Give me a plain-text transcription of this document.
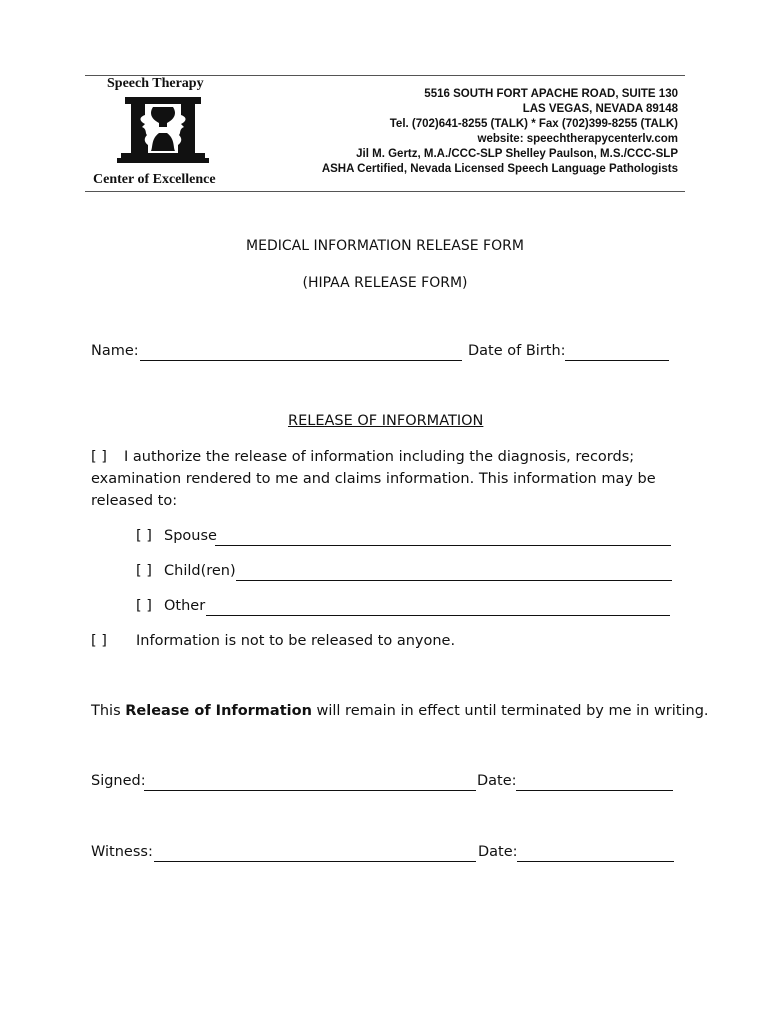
Speech Therapy
Center of Excellence
5516 SOUTH FORT APACHE ROAD, SUITE 130
LAS VEGAS, NEVADA 89148
Tel. (702)641-8255 (TALK) * Fax (702)399-8255 (TALK)
website: speechtherapycenterlv.com
Jil M. Gertz, M.A./CCC-SLP Shelley Paulson, M.S./CCC-SLP
ASHA Certified, Nevada Licensed Speech Language Pathologists
MEDICAL INFORMATION RELEASE FORM
(HIPAA RELEASE FORM)
Name:	Date of Birth:
RELEASE OF INFORMATION
[ ] I authorize the release of information including the diagnosis, records;
examination rendered to me and claims information. This information may be
released to:
[ ] Spouse
[ ] Child(ren)
[ ] Other
[ ] Information is not to be released to anyone.
This Release of Information will remain in effect until terminated by me in writing.
Signed:	Date:
Witness:	Date:
